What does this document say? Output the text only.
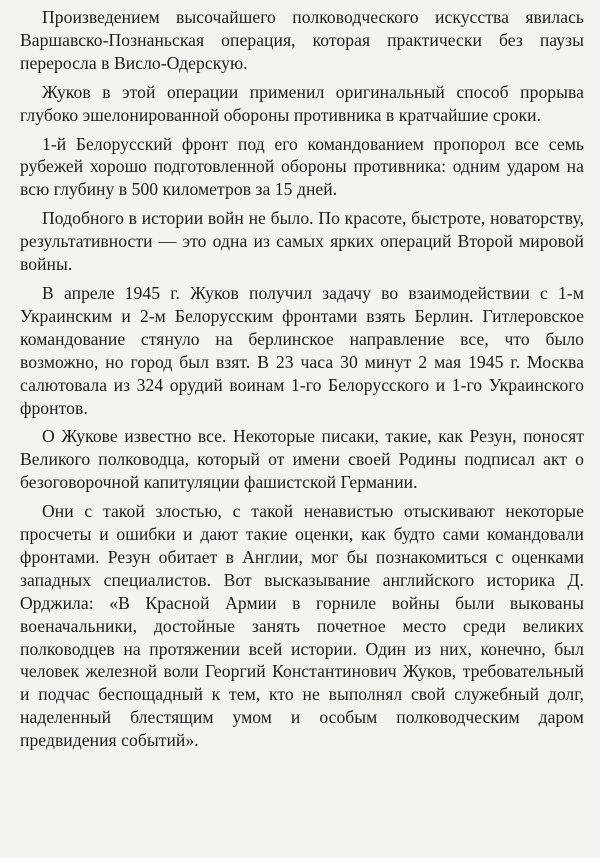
Произведением высочайшего полководческого искусства явилась Варшавско-Познаньская операция, которая практически без паузы переросла в Висло-Одерскую.

Жуков в этой операции применил оригинальный способ прорыва глубоко эшелонированной обороны противника в кратчайшие сроки.

1-й Белорусский фронт под его командованием пропорол все семь рубежей хорошо подготовленной обороны противника: одним ударом на всю глубину в 500 километров за 15 дней.

Подобного в истории войн не было. По красоте, быстроте, новаторству, результативности — это одна из самых ярких операций Второй мировой войны.

В апреле 1945 г. Жуков получил задачу во взаимодействии с 1-м Украинским и 2-м Белорусским фронтами взять Берлин. Гитлеровское командование стянуло на берлинское направление все, что было возможно, но город был взят. В 23 часа 30 минут 2 мая 1945 г. Москва салютовала из 324 орудий воинам 1-го Белорусского и 1-го Украинского фронтов.

О Жукове известно все. Некоторые писаки, такие, как Резун, поносят Великого полководца, который от имени своей Родины подписал акт о безоговорочной капитуляции фашистской Германии.

Они с такой злостью, с такой ненавистью отыскивают некоторые просчеты и ошибки и дают такие оценки, как будто сами командовали фронтами. Резун обитает в Англии, мог бы познакомиться с оценками западных специалистов. Вот высказывание английского историка Д. Орджила: «В Красной Армии в горниле войны были выкованы военачальники, достойные занять почетное место среди великих полководцев на протяжении всей истории. Один из них, конечно, был человек железной воли Георгий Константинович Жуков, требовательный и подчас беспощадный к тем, кто не выполнял свой служебный долг, наделенный блестящим умом и особым полководческим даром предвидения событий».
